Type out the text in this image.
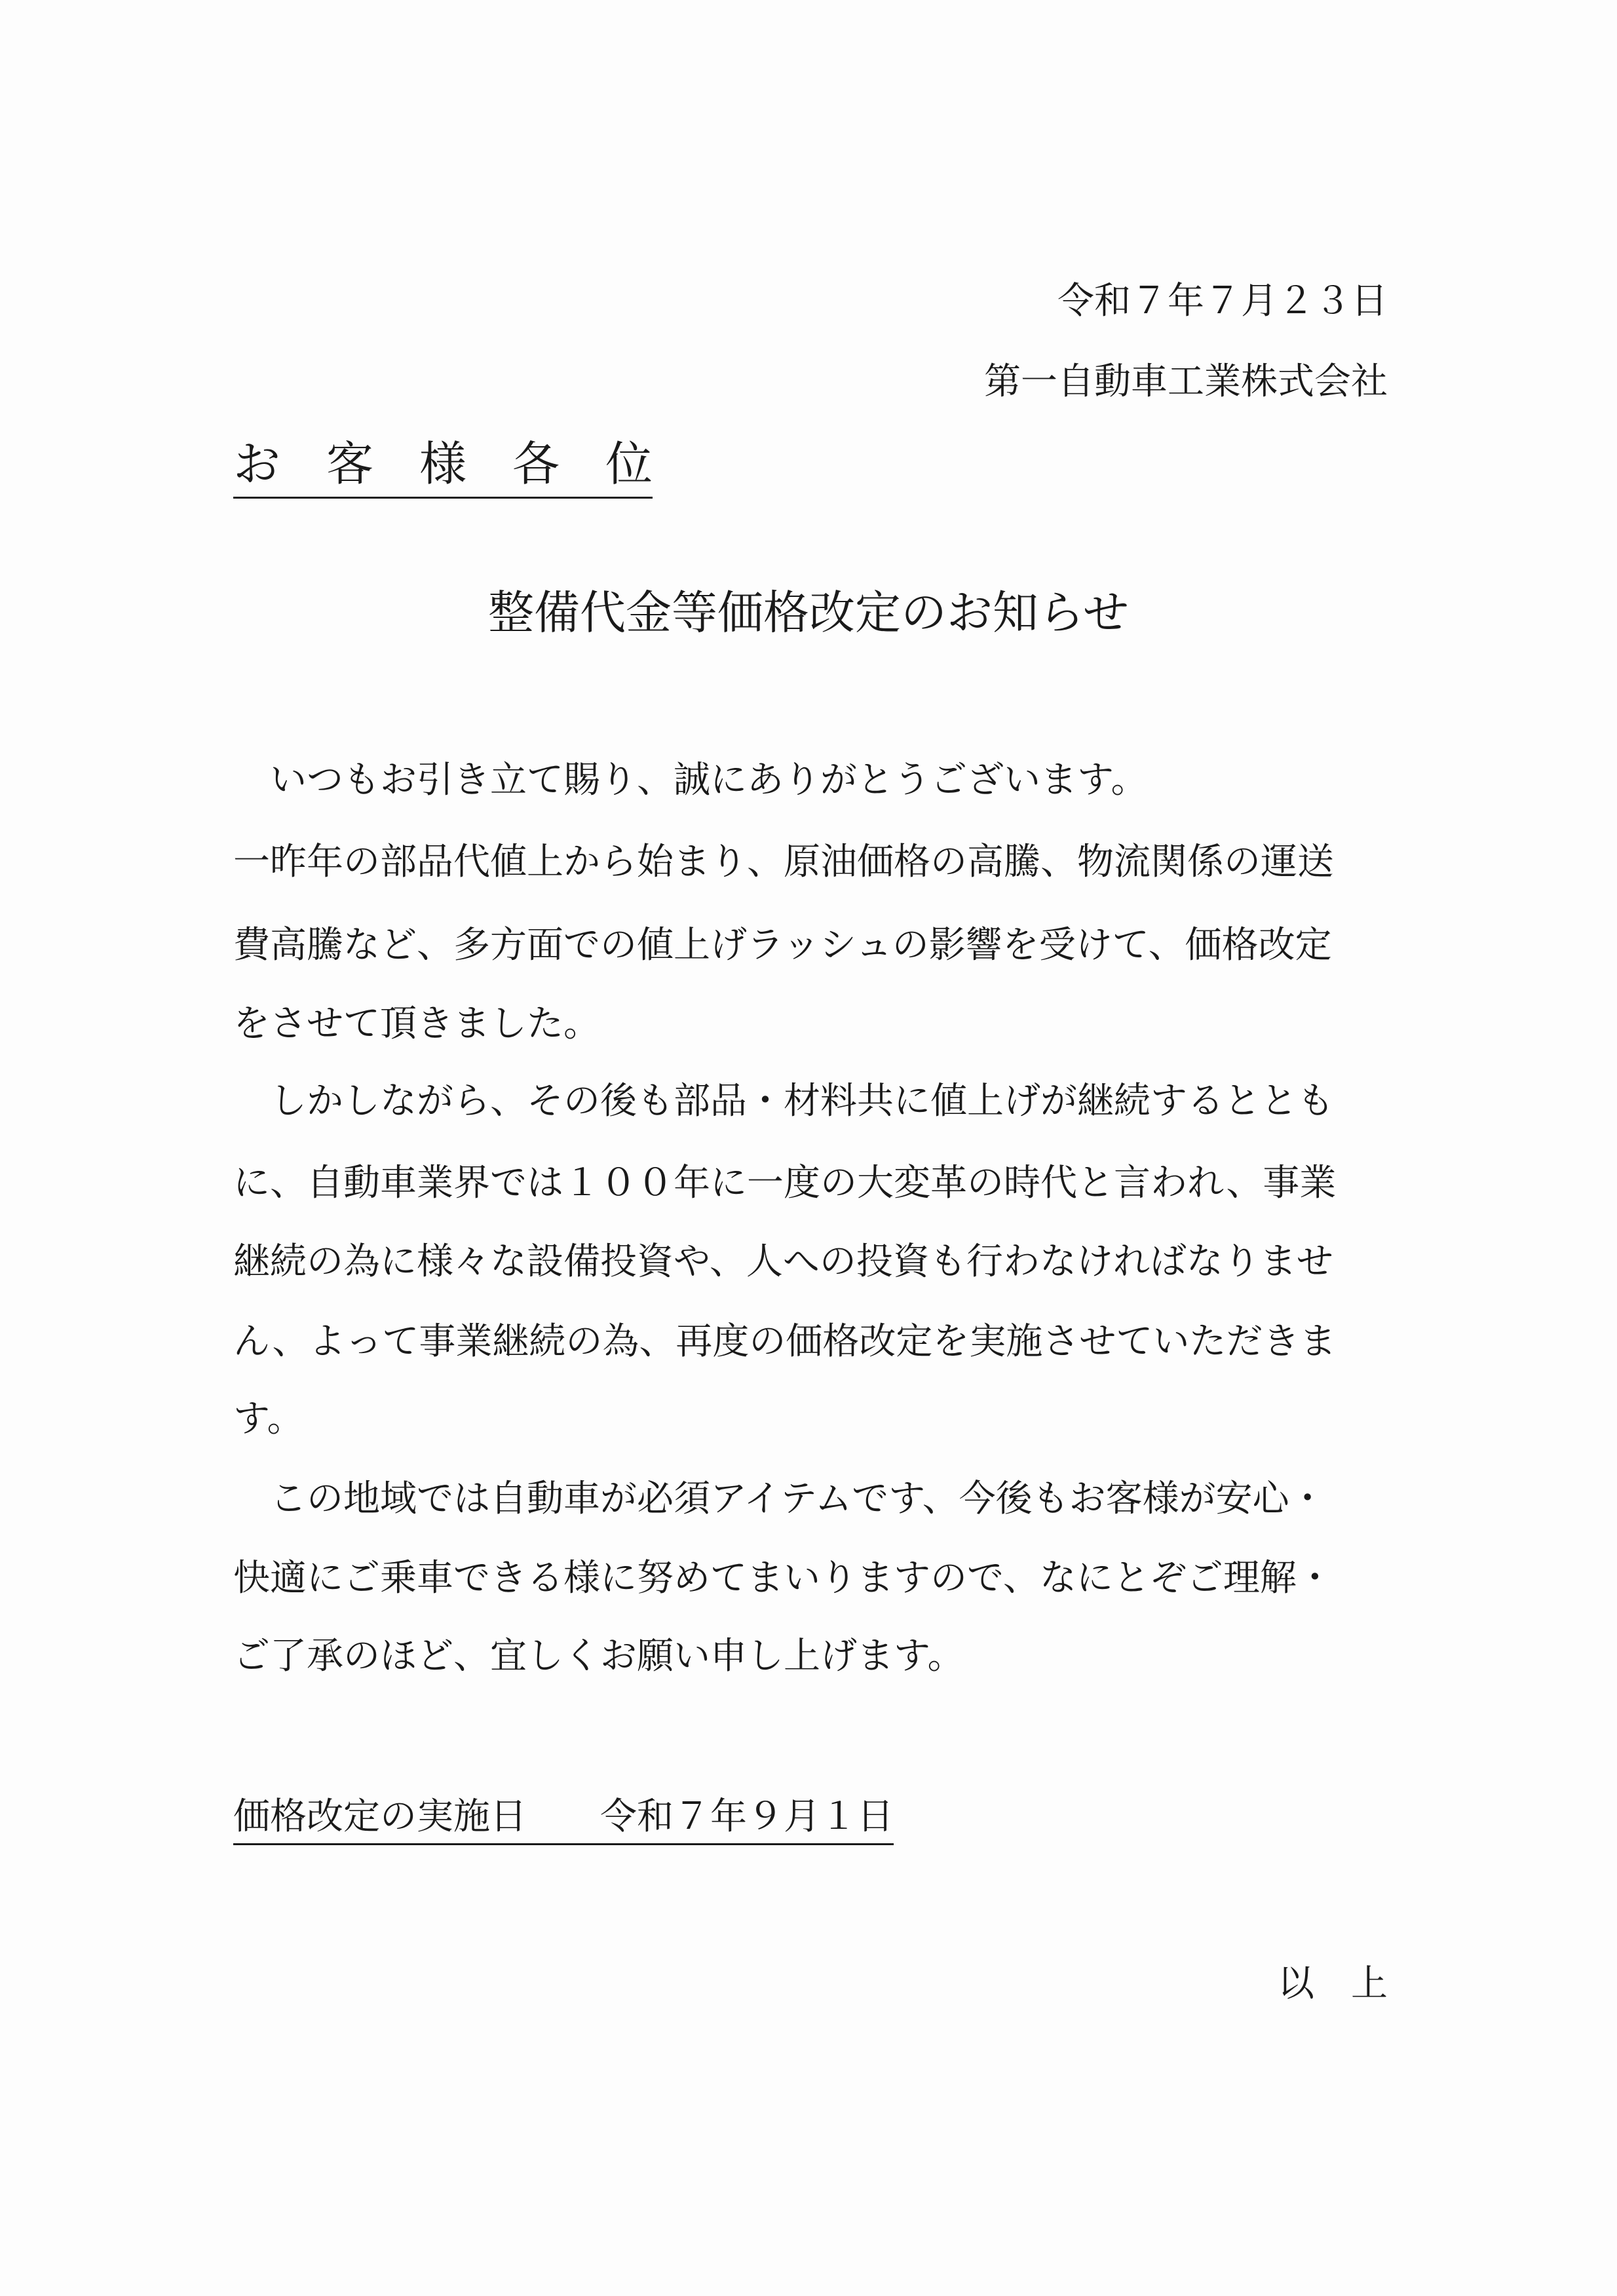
令和７年７月２３日
第一自動車工業株式会社
お客様各位
整備代金等価格改定のお知らせ
　いつもお引き立て賜り、誠にありがとうございます。
一昨年の部品代値上から始まり、原油価格の高騰、物流関係の運送
費高騰など、多方面での値上げラッシュの影響を受けて、価格改定
をさせて頂きました。
　しかしながら、その後も部品・材料共に値上げが継続するととも
に、自動車業界では１００年に一度の大変革の時代と言われ、事業
継続の為に様々な設備投資や、人への投資も行わなければなりませ
ん、よって事業継続の為、再度の価格改定を実施させていただきま
す。
　この地域では自動車が必須アイテムです、今後もお客様が安心・
快適にご乗車できる様に努めてまいりますので、なにとぞご理解・
ご了承のほど、宜しくお願い申し上げます。
価格改定の実施日 令和７年９月１日
以上
